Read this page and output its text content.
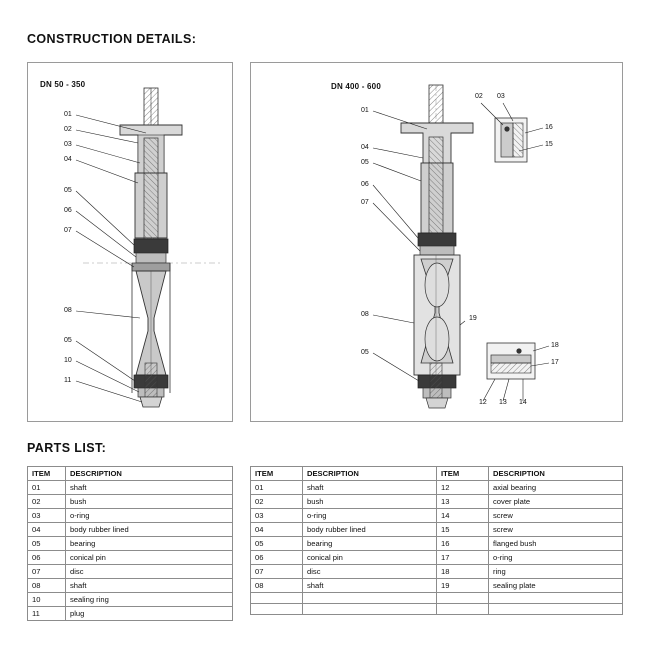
CONSTRUCTION DETAILS:
DN 50 - 350
01
02
03
04
05
06
07
08
05
10
11
DN 400 - 600
01
02 03
04
05
06
07
08
05
16
15
19
18
17
12 13 14
PARTS LIST:
ITEM	DESCRIPTION
01	shaft
02	bush
03	o-ring
04	body rubber lined
05	bearing
06	conical pin
07	disc
08	shaft
10	sealing ring
11	plug
ITEM	DESCRIPTION	ITEM	DESCRIPTION
01	shaft	12	axial bearing
02	bush	13	cover plate
03	o-ring	14	screw
04	body rubber lined	15	screw
05	bearing	16	flanged bush
06	conical pin	17	o-ring
07	disc	18	ring
08	shaft	19	sealing plate
